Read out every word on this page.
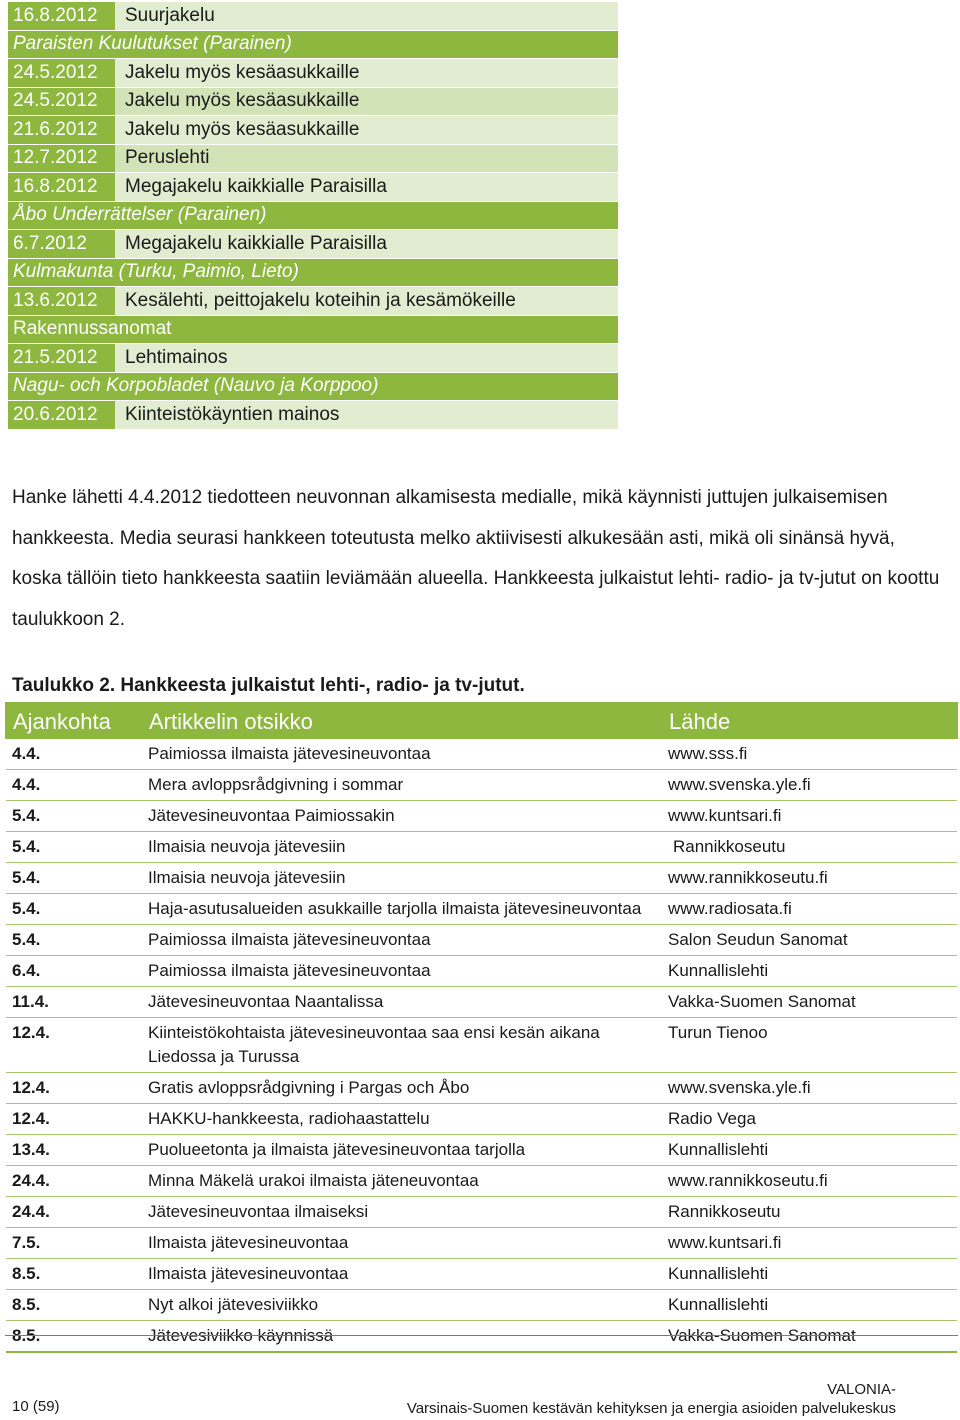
16.8.2012	Suurjakelu
Paraisten Kuulutukset (Parainen)
24.5.2012	Jakelu myös kesäasukkaille
24.5.2012	Jakelu myös kesäasukkaille
21.6.2012	Jakelu myös kesäasukkaille
12.7.2012	Peruslehti
16.8.2012	Megajakelu kaikkialle Paraisilla
Åbo Underrättelser (Parainen)
6.7.2012	Megajakelu kaikkialle Paraisilla
Kulmakunta (Turku, Paimio, Lieto)
13.6.2012	Kesälehti, peittojakelu koteihin ja kesämökeille
Rakennussanomat
21.5.2012	Lehtimainos
Nagu- och Korpobladet (Nauvo ja Korppoo)
20.6.2012	Kiinteistökäyntien mainos
Hanke lähetti 4.4.2012 tiedotteen neuvonnan alkamisesta medialle, mikä käynnisti juttujen julkaisemisen hankkeesta. Media seurasi hankkeen toteutusta melko aktiivisesti alkukesään asti, mikä oli sinänsä hyvä, koska tällöin tieto hankkeesta saatiin leviämään alueella. Hankkeesta julkaistut lehti- radio- ja tv-jutut on koottu taulukkoon 2.
Taulukko 2. Hankkeesta julkaistut lehti-, radio- ja tv-jutut.
Ajankohta	Artikkelin otsikko	Lähde
4.4.	Paimiossa ilmaista jätevesineuvontaa	www.sss.fi
4.4.	Mera avloppsrådgivning i sommar	www.svenska.yle.fi
5.4.	Jätevesineuvontaa Paimiossakin	www.kuntsari.fi
5.4.	Ilmaisia neuvoja jätevesiin	Rannikkoseutu
5.4.	Ilmaisia neuvoja jätevesiin	www.rannikkoseutu.fi
5.4.	Haja-asutusalueiden asukkaille tarjolla ilmaista jätevesineuvontaa	www.radiosata.fi
5.4.	Paimiossa ilmaista jätevesineuvontaa	Salon Seudun Sanomat
6.4.	Paimiossa ilmaista jätevesineuvontaa	Kunnallislehti
11.4.	Jätevesineuvontaa Naantalissa	Vakka-Suomen Sanomat
12.4.	Kiinteistökohtaista jätevesineuvontaa saa ensi kesän aikana Liedossa ja Turussa	Turun Tienoo
12.4.	Gratis avloppsrådgivning i Pargas och Åbo	www.svenska.yle.fi
12.4.	HAKKU-hankkeesta, radiohaastattelu	Radio Vega
13.4.	Puolueetonta ja ilmaista jätevesineuvontaa tarjolla	Kunnallislehti
24.4.	Minna Mäkelä urakoi ilmaista jäteneuvontaa	www.rannikkoseutu.fi
24.4.	Jätevesineuvontaa ilmaiseksi	Rannikkoseutu
7.5.	Ilmaista jätevesineuvontaa	www.kuntsari.fi
8.5.	Ilmaista jätevesineuvontaa	Kunnallislehti
8.5.	Nyt alkoi jätevesiviikko	Kunnallislehti
8.5.	Jätevesiviikko käynnissä	Vakka-Suomen Sanomat
10 (59)
VALONIA-
Varsinais-Suomen kestävän kehityksen ja energia asioiden palvelukeskus
